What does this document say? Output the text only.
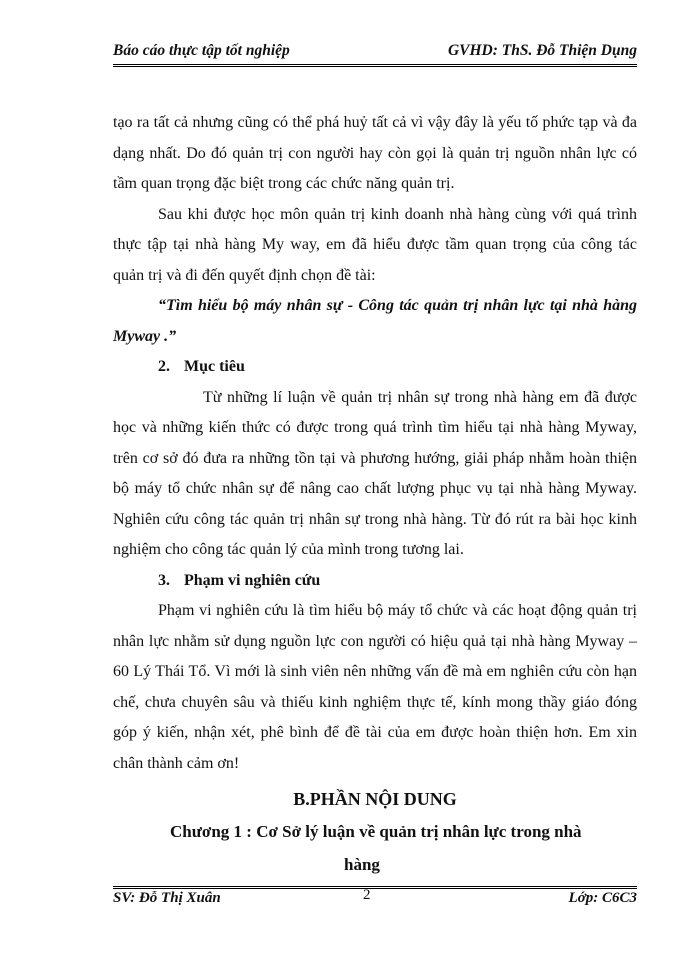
Báo cáo thực tập tốt nghiệp	GVHD: ThS. Đỗ Thiện Dụng
tạo ra tất cả nhưng cũng có thể phá huỷ tất cả vì vậy đây là yếu tố phức tạp và đa dạng nhất. Do đó quản trị con người hay còn gọi là quản trị nguồn nhân lực có tầm quan trọng đặc biệt trong các chức năng quản trị.
Sau khi được học môn quản trị kinh doanh nhà hàng cùng với quá trình thực tập tại nhà hàng My way, em đã hiểu được tầm quan trọng của công tác quản trị và đi đến quyết định chọn đề tài:
“Tìm hiểu bộ máy nhân sự - Công tác quản trị nhân lực tại nhà hàng Myway .”
2. Mục tiêu
Từ những lí luận về quản trị nhân sự trong nhà hàng em đã được học và những kiến thức có được trong quá trình tìm hiểu tại nhà hàng Myway, trên cơ sở đó đưa ra những tồn tại và phương hướng, giải pháp nhằm hoàn thiện bộ máy tổ chức nhân sự để nâng cao chất lượng phục vụ tại nhà hàng Myway. Nghiên cứu công tác quản trị nhân sự trong nhà hàng. Từ đó rút ra bài học kinh nghiệm cho công tác quản lý của mình trong tương lai.
3. Phạm vi nghiên cứu
Phạm vi nghiên cứu là tìm hiểu bộ máy tổ chức và các hoạt động quản trị nhân lực nhằm sử dụng nguồn lực con người có hiệu quả tại nhà hàng Myway – 60 Lý Thái Tổ. Vì mới là sinh viên nên những vấn đề mà em nghiên cứu còn hạn chế, chưa chuyên sâu và thiếu kinh nghiệm thực tế, kính mong thầy giáo đóng góp ý kiến, nhận xét, phê bình để đề tài của em được hoàn thiện hơn. Em xin chân thành cảm ơn!
B.PHẦN NỘI DUNG
Chương 1 : Cơ Sở lý luận về quản trị nhân lực trong nhà
hàng
SV: Đỗ Thị Xuân	2	Lớp: C6C3
